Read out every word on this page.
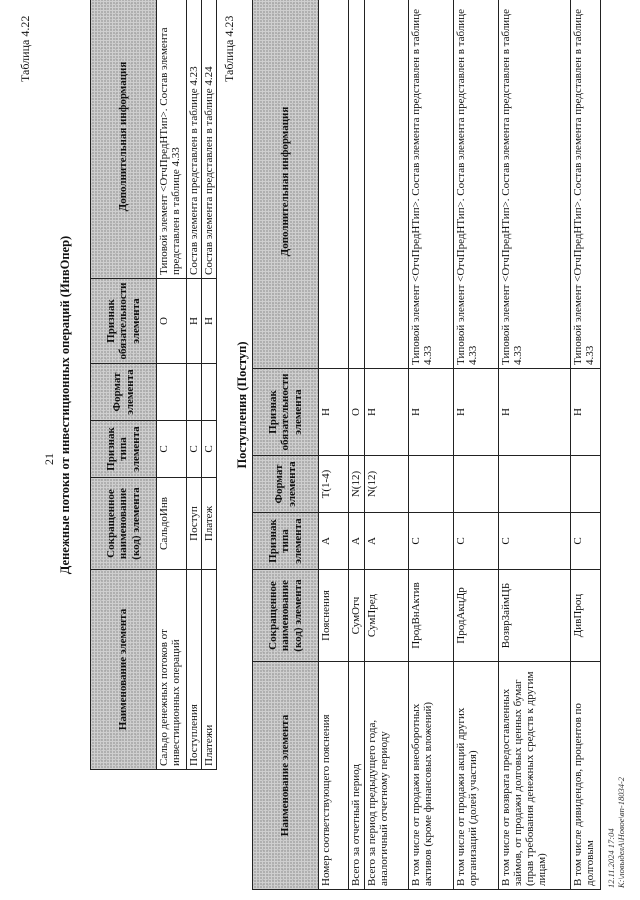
21
Таблица 4.22
Денежные потоки от инвестиционных операций (ИнвОпер)
Наименование элемента	Сокращенное наименование (код) элемента	Признак типа элемента	Формат элемента	Признак обязательности элемента	Дополнительная информация
Сальдо денежных потоков от инвестиционных операций	СальдоИнв	С		О	Типовой элемент <ОтчПредНТип>. Состав элемента представлен в таблице 4.33
Поступления	Поступ	С		Н	Состав элемента представлен в таблице 4.23
Платежи	Платеж	С		Н	Состав элемента представлен в таблице 4.24
Таблица 4.23
Поступления (Поступ)
Наименование элемента	Сокращенное наименование (код) элемента	Признак типа элемента	Формат элемента	Признак обязательности элемента	Дополнительная информация
Номер соответствующего пояснения	Пояснения	А	T(1-4)	Н	
Всего за отчетный период	СумОтч	А	N(12)	О	
Всего за период предыдущего года, аналогичный отчетному периоду	СумПред	А	N(12)	Н	
В том числе от продажи внеоборотных активов (кроме финансовых вложений)	ПродВнАктив	С		Н	Типовой элемент <ОтчПредНТип>. Состав элемента представлен в таблице 4.33
В том числе от продажи акций других организаций (долей участия)	ПродАкцДр	С		Н	Типовой элемент <ОтчПредНТип>. Состав элемента представлен в таблице 4.33
В том числе от возврата предоставленных займов, от продажи долговых ценных бумаг (прав требования денежных средств к другим лицам)	ВозврЗаймЦБ	С		Н	Типовой элемент <ОтчПредНТип>. Состав элемента представлен в таблице 4.33
В том числе дивидендов, процентов по долговым	ДивПроц	С		Н	Типовой элемент <ОтчПредНТип>. Состав элемента представлен в таблице 4.33
12.11.2024 17:04 К:\ловыделА\Новое\вп-18034-2
